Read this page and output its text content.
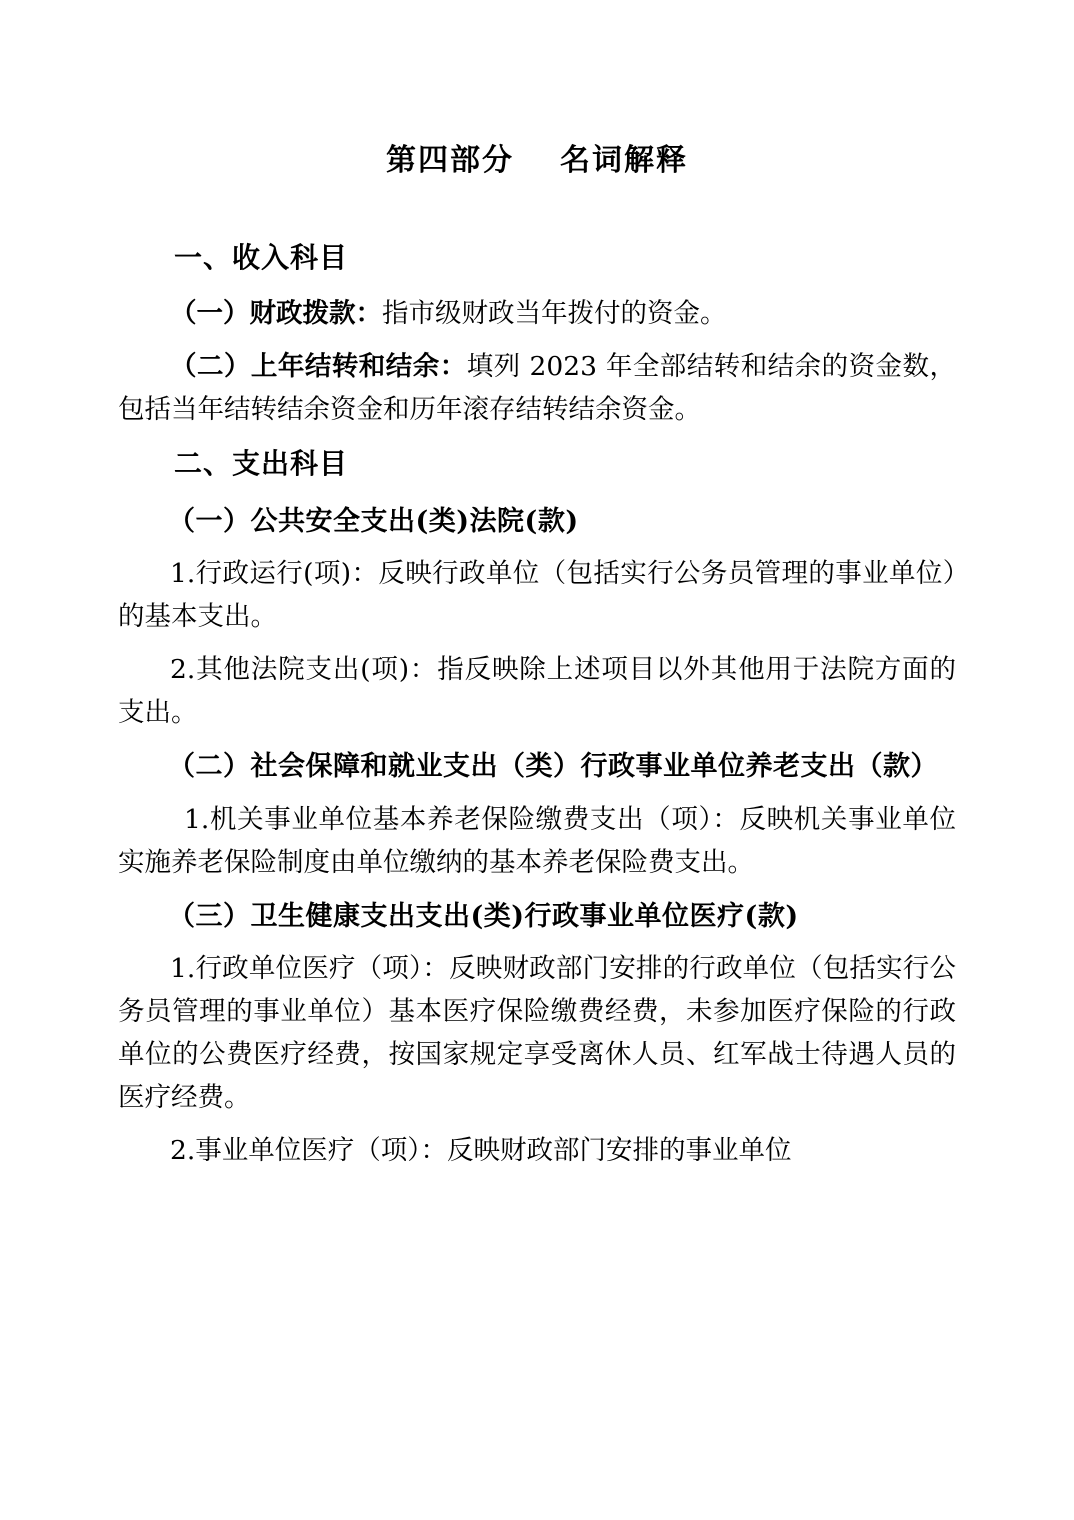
第四部分 名词解释
一、收入科目
（一）财政拨款：指市级财政当年拨付的资金。
（二）上年结转和结余：填列 2023 年全部结转和结余的资金数，包括当年结转结余资金和历年滚存结转结余资金。
二、支出科目
（一）公共安全支出(类)法院(款)
1.行政运行(项)：反映行政单位（包括实行公务员管理的事业单位）的基本支出。
2.其他法院支出(项)：指反映除上述项目以外其他用于法院方面的支出。
（二）社会保障和就业支出（类）行政事业单位养老支出（款）
1.机关事业单位基本养老保险缴费支出（项）：反映机关事业单位实施养老保险制度由单位缴纳的基本养老保险费支出。
（三）卫生健康支出支出(类)行政事业单位医疗(款)
1.行政单位医疗（项）：反映财政部门安排的行政单位（包括实行公务员管理的事业单位）基本医疗保险缴费经费，未参加医疗保险的行政单位的公费医疗经费，按国家规定享受离休人员、红军战士待遇人员的医疗经费。
2.事业单位医疗（项）：反映财政部门安排的事业单位
